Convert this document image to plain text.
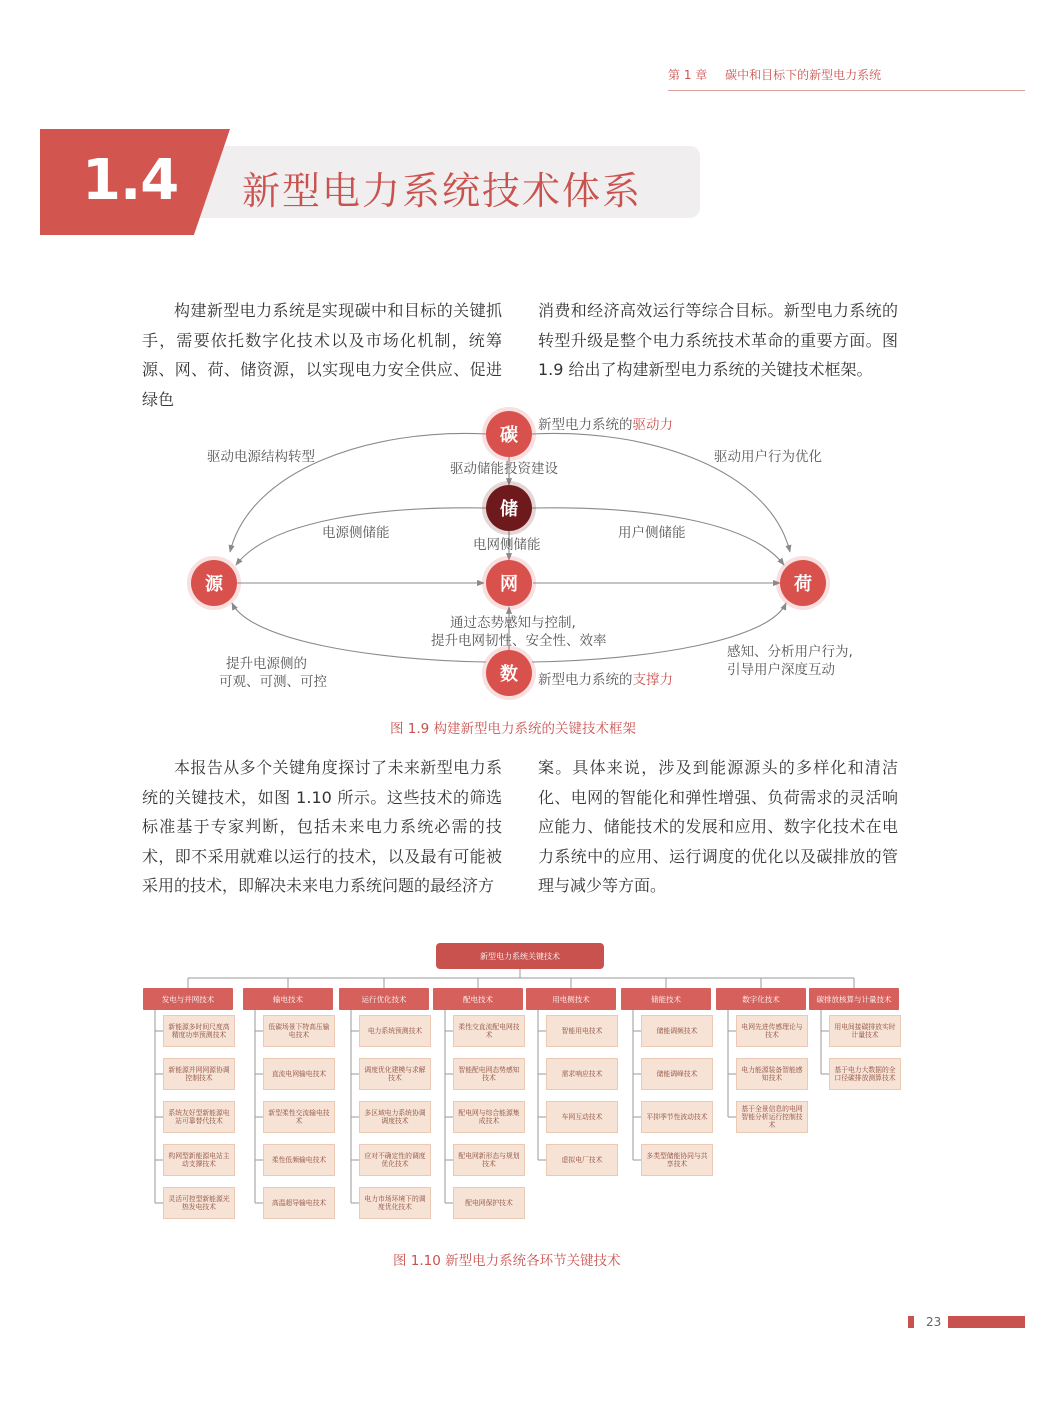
第 1 章 碳中和目标下的新型电力系统
1.4 新型电力系统技术体系
构建新型电力系统是实现碳中和目标的关键抓手，需要依托数字化技术以及市场化机制，统筹源、网、荷、储资源，以实现电力安全供应、促进绿色
消费和经济高效运行等综合目标。新型电力系统的转型升级是整个电力系统技术革命的重要方面。图 1.9 给出了构建新型电力系统的关键技术框架。
碳
储
源	网	荷
数
新型电力系统的驱动力
驱动电源结构转型
驱动储能投资建设
驱动用户行为优化
电源侧储能
电网侧储能
用户侧储能
通过态势感知与控制,
提升电网韧性、安全性、效率
提升电源侧的
可观、可测、可控
感知、分析用户行为,
引导用户深度互动
新型电力系统的支撑力
图 1.9 构建新型电力系统的关键技术框架
本报告从多个关键角度探讨了未来新型电力系统的关键技术，如图 1.10 所示。这些技术的筛选标准基于专家判断，包括未来电力系统必需的技术，即不采用就难以运行的技术，以及最有可能被采用的技术，即解决未来电力系统问题的最经济方
案。具体来说，涉及到能源源头的多样化和清洁化、电网的智能化和弹性增强、负荷需求的灵活响应能力、储能技术的发展和应用、数字化技术在电力系统中的应用、运行调度的优化以及碳排放的管理与减少等方面。
新型电力系统关键技术
发电与并网技术
新能源多时间尺度高精度功率预测技术
新能源并网网源协调控制技术
系统友好型新能源电站可靠替代技术
构网型新能源电站主动支撑技术
灵活可控型新能源光热发电技术
输电技术
低碳场景下特高压输电技术
直流电网输电技术
新型柔性交流输电技术
柔性低频输电技术
高温超导输电技术
运行优化技术
电力系统预测技术
调度优化建模与求解技术
多区域电力系统协调调度技术
应对不确定性的调度优化技术
电力市场环境下的调度优化技术
配电技术
柔性交直流配电网技术
智能配电网态势感知技术
配电网与综合能源集成技术
配电网新形态与规划技术
配电网保护技术
用电侧技术
智能用电技术
需求响应技术
车网互动技术
虚拟电厂技术
储能技术
储能调频技术
储能调峰技术
平抑季节性波动技术
多类型储能协同与共享技术
数字化技术
电网先进传感理论与技术
电力能源装备智能感知技术
基于全景信息的电网智能分析运行控制技术
碳排放核算与计量技术
用电间接碳排放实时计量技术
基于电力大数据的全口径碳排放测算技术
图 1.10 新型电力系统各环节关键技术
23
